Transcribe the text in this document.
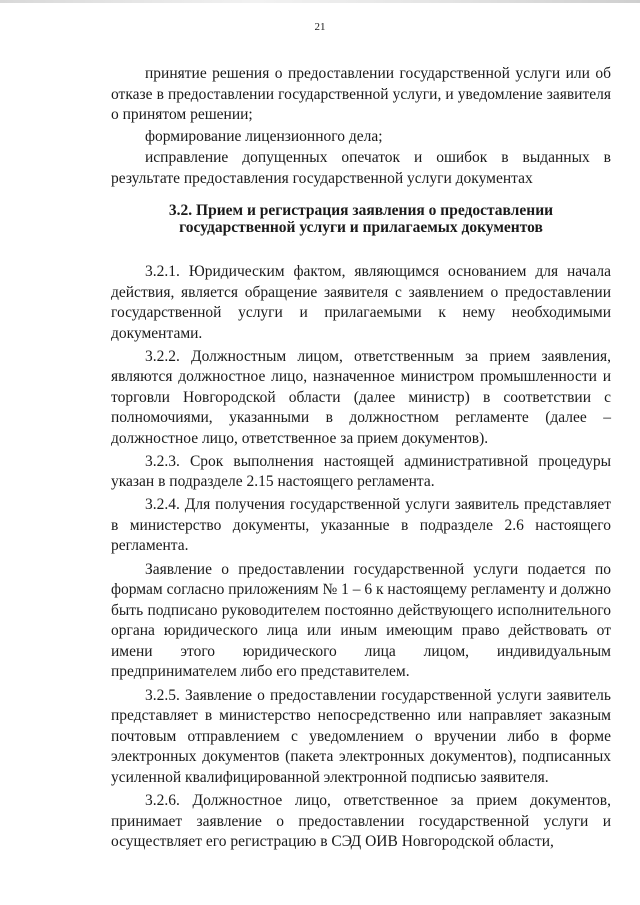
21

принятие решения о предоставлении государственной услуги или об отказе в предоставлении государственной услуги, и уведомление заявителя о принятом решении;

формирование лицензионного дела;

исправление допущенных опечаток и ошибок в выданных в результате предоставления государственной услуги документах

3.2. Прием и регистрация заявления о предоставлении
государственной услуги и прилагаемых документов

3.2.1. Юридическим фактом, являющимся основанием для начала действия, является обращение заявителя с заявлением о предоставлении государственной услуги и прилагаемыми к нему необходимыми документами.

3.2.2. Должностным лицом, ответственным за прием заявления, являются должностное лицо, назначенное министром промышленности и торговли Новгородской области (далее министр) в соответствии с полномочиями, указанными в должностном регламенте (далее – должностное лицо, ответственное за прием документов).

3.2.3. Срок выполнения настоящей административной процедуры указан в подразделе 2.15 настоящего регламента.

3.2.4. Для получения государственной услуги заявитель представляет в министерство документы, указанные в подразделе 2.6 настоящего регламента.

Заявление о предоставлении государственной услуги подается по формам согласно приложениям № 1 – 6 к настоящему регламенту и должно быть подписано руководителем постоянно действующего исполнительного органа юридического лица или иным имеющим право действовать от имени этого юридического лица лицом, индивидуальным предпринимателем либо его представителем.

3.2.5. Заявление о предоставлении государственной услуги заявитель представляет в министерство непосредственно или направляет заказным почтовым отправлением с уведомлением о вручении либо в форме электронных документов (пакета электронных документов), подписанных усиленной квалифицированной электронной подписью заявителя.

3.2.6. Должностное лицо, ответственное за прием документов, принимает заявление о предоставлении государственной услуги и осуществляет его регистрацию в СЭД ОИВ Новгородской области,
